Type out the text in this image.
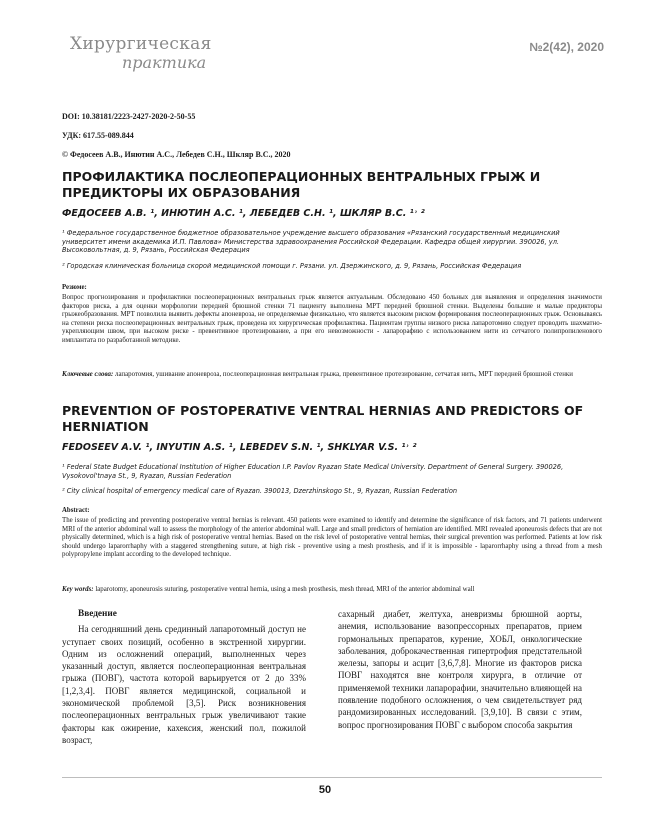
Хирургическая
практика
№2(42), 2020
DOI: 10.38181/2223-2427-2020-2-50-55
УДК: 617.55-089.844
© Федосеев А.В., Инютин А.С., Лебедев С.Н., Шкляр В.С., 2020
ПРОФИЛАКТИКА ПОСЛЕОПЕРАЦИОННЫХ ВЕНТРАЛЬНЫХ ГРЫЖ И ПРЕДИКТОРЫ ИХ ОБРАЗОВАНИЯ
ФЕДОСЕЕВ А.В. ¹, ИНЮТИН А.С. ¹, ЛЕБЕДЕВ С.Н. ¹, ШКЛЯР В.С. ¹˒ ²
¹ Федеральное государственное бюджетное образовательное учреждение высшего образования «Рязанский государственный медицинский университет имени академика И.П. Павлова» Министерства здравоохранения Российской Федерации. Кафедра общей хирургии. 390026, ул. Высоковольтная, д. 9, Рязань, Российская Федерация
² Городская клиническая больница скорой медицинской помощи г. Рязани. ул. Дзержинского, д. 9, Рязань, Российская Федерация
Резюме:
Вопрос прогнозирования и профилактики послеоперационных вентральных грыж является актуальным. Обследовано 450 больных для выявления и определения значимости факторов риска, а для оценки морфологии передней брюшной стенки 71 пациенту выполнена МРТ передней брюшной стенки. Выделены большие и малые предикторы грыжеобразования. МРТ позволила выявить дефекты апоневроза, не определяемые физикально, что является высоким риском формирования послеоперационных грыж. Основываясь на степени риска послеоперационных вентральных грыж, проведена их хирургическая профилактика. Пациентам группы низкого риска лапаротомию следует проводить шахматно-укрепляющим швом, при высоком риске - превентивное протезирование, а при его невозможности - лапарорафию с использованием нити из сетчатого полипропиленового имплантата по разработанной методике.
Ключевые слова: лапаротомия, ушивание апоневроза, послеоперационная вентральная грыжа, превентивное протезирование, сетчатая нить, МРТ передней брюшной стенки
PREVENTION OF POSTOPERATIVE VENTRAL HERNIAS AND PREDICTORS OF HERNIATION
FEDOSEEV A.V. ¹, INYUTIN A.S. ¹, LEBEDEV S.N. ¹, SHKLYAR V.S. ¹˒ ²
¹ Federal State Budget Educational Institution of Higher Education I.P. Pavlov Ryazan State Medical University. Department of General Surgery. 390026, Vysokovol'tnaya St., 9, Ryazan, Russian Federation
² City clinical hospital of emergency medical care of Ryazan. 390013, Dzerzhinskogo St., 9, Ryazan, Russian Federation
Abstract:
The issue of predicting and preventing postoperative ventral hernias is relevant. 450 patients were examined to identify and determine the significance of risk factors, and 71 patients underwent MRI of the anterior abdominal wall to assess the morphology of the anterior abdominal wall. Large and small predictors of herniation are identified. MRI revealed aponeurosis defects that are not physically determined, which is a high risk of postoperative ventral hernias. Based on the risk level of postoperative ventral hernias, their surgical prevention was performed. Patients at low risk should undergo laparorrhaphy with a staggered strengthening suture, at high risk - preventive using a mesh prosthesis, and if it is impossible - laparorrhaphy using a thread from a mesh polypropylene implant according to the developed technique.
Key words: laparotomy, aponeurosis suturing, postoperative ventral hernia, using a mesh prosthesis, mesh thread, MRI of the anterior abdominal wall
Введение

На сегодняшний день срединный лапаротомный доступ не уступает своих позиций, особенно в экстренной хирургии. Одним из осложнений операций, выполненных через указанный доступ, является послеоперационная вентральная грыжа (ПОВГ), частота которой варьируется от 2 до 33% [1,2,3,4]. ПОВГ является медицинской, социальной и экономической проблемой [3,5]. Риск возникновения послеоперационных вентральных грыж увеличивают такие факторы как ожирение, кахексия, женский пол, пожилой возраст,

сахарный диабет, желтуха, аневризмы брюшной аорты, анемия, использование вазопрессорных препаратов, прием гормональных препаратов, курение, ХОБЛ, онкологические заболевания, доброкачественная гипертрофия предстательной железы, запоры и асцит [3,6,7,8]. Многие из факторов риска ПОВГ находятся вне контроля хирурга, в отличие от применяемой техники лапарорафии, значительно влияющей на появление подобного осложнения, о чем свидетельствует ряд рандомизированных исследований. [3,9,10]. В связи с этим, вопрос прогнозирования ПОВГ с выбором способа закрытия

50
